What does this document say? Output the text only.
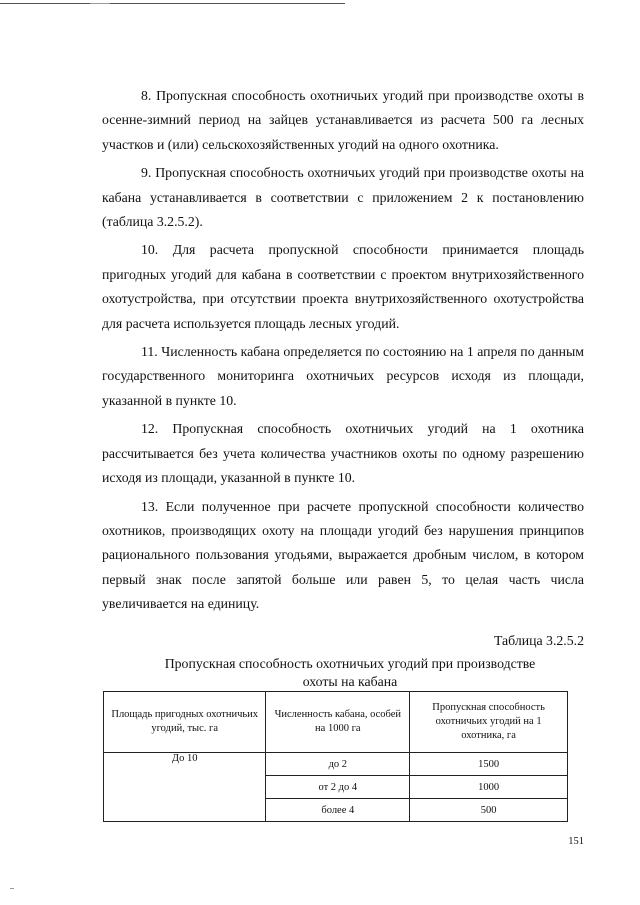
8. Пропускная способность охотничьих угодий при производстве охоты в осенне-зимний период на зайцев устанавливается из расчета 500 га лесных участков и (или) сельскохозяйственных угодий на одного охотника.

9. Пропускная способность охотничьих угодий при производстве охоты на кабана устанавливается в соответствии с приложением 2 к постановлению (таблица 3.2.5.2).

10. Для расчета пропускной способности принимается площадь пригодных угодий для кабана в соответствии с проектом внутрихозяйственного охотустройства, при отсутствии проекта внутрихозяйственного охотустройства для расчета используется площадь лесных угодий.

11. Численность кабана определяется по состоянию на 1 апреля по данным государственного мониторинга охотничьих ресурсов исходя из площади, указанной в пункте 10.

12. Пропускная способность охотничьих угодий на 1 охотника рассчитывается без учета количества участников охоты по одному разрешению исходя из площади, указанной в пункте 10.

13. Если полученное при расчете пропускной способности количество охотников, производящих охоту на площади угодий без нарушения принципов рационального пользования угодьями, выражается дробным числом, в котором первый знак после запятой больше или равен 5, то целая часть числа увеличивается на единицу.

Таблица 3.2.5.2
Пропускная способность охотничьих угодий при производстве
охоты на кабана
Площадь пригодных охотничьих угодий, тыс. га	Численность кабана, особей на 1000 га	Пропускная способность охотничьих угодий на 1 охотника, га
До 10	до 2	1500
	от 2 до 4	1000
	более 4	500
151
